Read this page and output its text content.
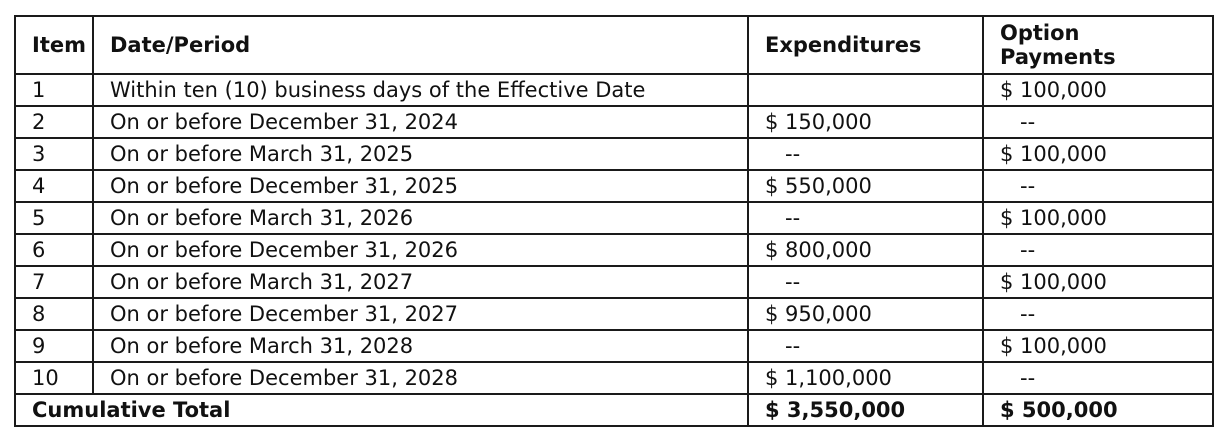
Item	Date/Period	Expenditures	Option
Payments

1	Within ten (10) business days of the Effective Date		$ 100,000
2	On or before December 31, 2024	$ 150,000	--
3	On or before March 31, 2025	--	$ 100,000
4	On or before December 31, 2025	$ 550,000	--
5	On or before March 31, 2026	--	$ 100,000
6	On or before December 31, 2026	$ 800,000	--
7	On or before March 31, 2027	--	$ 100,000
8	On or before December 31, 2027	$ 950,000	--
9	On or before March 31, 2028	--	$ 100,000
10	On or before December 31, 2028	$ 1,100,000	--
Cumulative Total		$ 3,550,000	$ 500,000
